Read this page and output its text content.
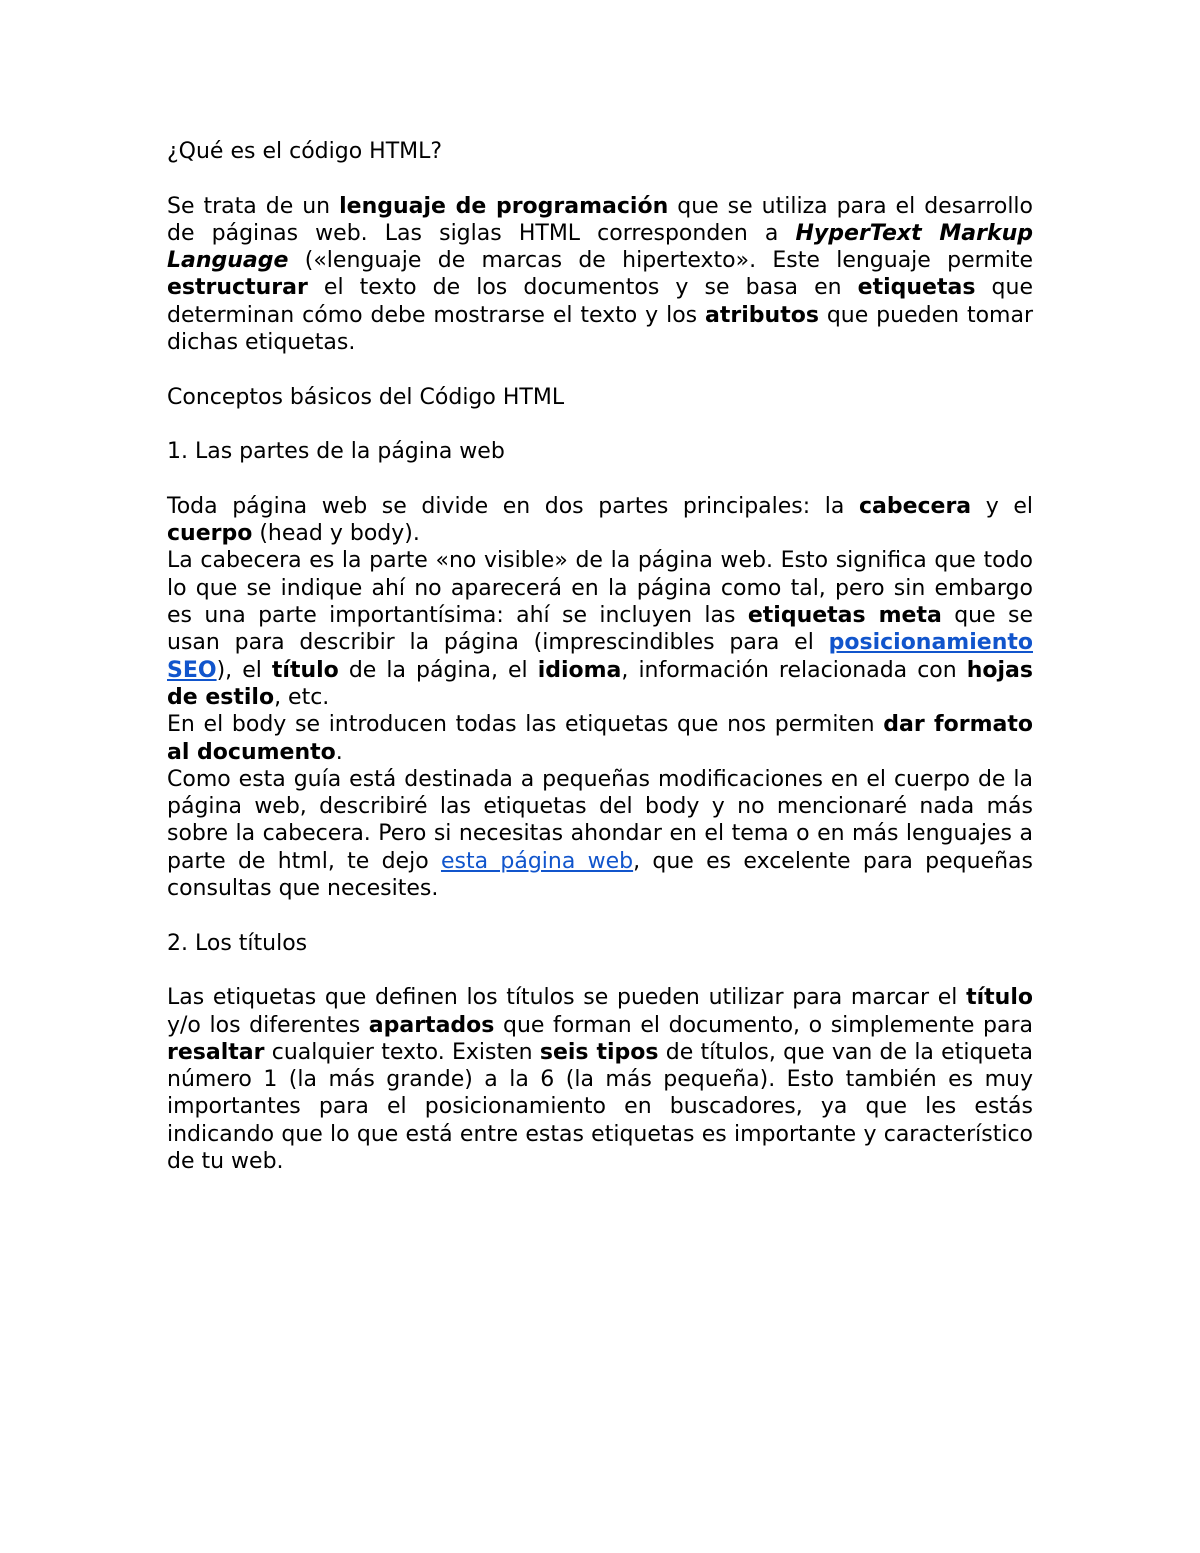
¿Qué es el código HTML?

Se trata de un lenguaje de programación que se utiliza para el desarrollo de páginas web. Las siglas HTML corresponden a HyperText Markup Language («lenguaje de marcas de hipertexto». Este lenguaje permite estructurar el texto de los documentos y se basa en etiquetas que determinan cómo debe mostrarse el texto y los atributos que pueden tomar dichas etiquetas.

Conceptos básicos del Código HTML

1. Las partes de la página web

Toda página web se divide en dos partes principales: la cabecera y el cuerpo (head y body).

La cabecera es la parte «no visible» de la página web. Esto significa que todo lo que se indique ahí no aparecerá en la página como tal, pero sin embargo es una parte importantísima: ahí se incluyen las etiquetas meta que se usan para describir la página (imprescindibles para el posicionamiento SEO), el título de la página, el idioma, información relacionada con hojas de estilo, etc.

En el body se introducen todas las etiquetas que nos permiten dar formato al documento.

Como esta guía está destinada a pequeñas modificaciones en el cuerpo de la página web, describiré las etiquetas del body y no mencionaré nada más sobre la cabecera. Pero si necesitas ahondar en el tema o en más lenguajes a parte de html, te dejo esta página web, que es excelente para pequeñas consultas que necesites.

2. Los títulos

Las etiquetas que definen los títulos se pueden utilizar para marcar el título y/o los diferentes apartados que forman el documento, o simplemente para resaltar cualquier texto. Existen seis tipos de títulos, que van de la etiqueta número 1 (la más grande) a la 6 (la más pequeña). Esto también es muy importantes para el posicionamiento en buscadores, ya que les estás indicando que lo que está entre estas etiquetas es importante y característico de tu web.
